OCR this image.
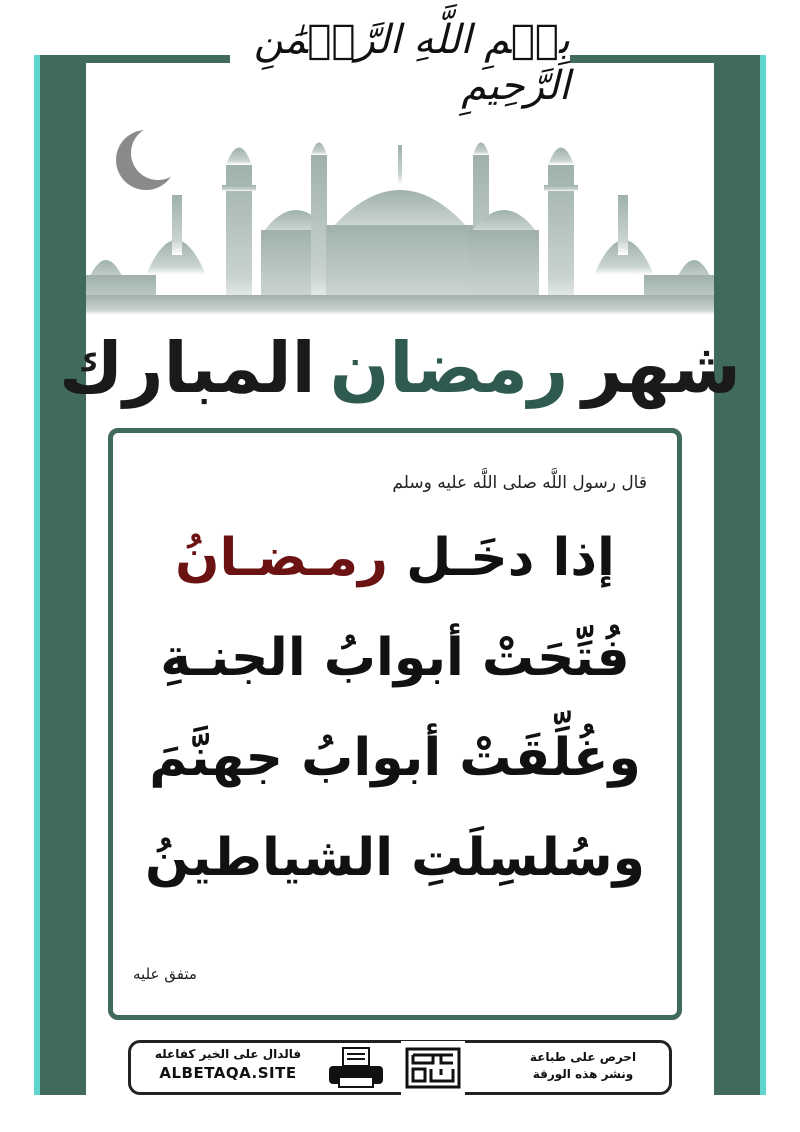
بِسۡمِ اللَّهِ الرَّحۡمَٰنِ الرَّحِيمِ
شهر
رمضان
المبارك
قال رسول اللَّه صلى اللَّه عليه وسلم
إذا دخَـل رمـضـانُ
فُتِّحَتْ أبوابُ الجنـةِ
وغُلِّقَتْ أبوابُ جهنَّمَ
وسُلسِلَتِ الشياطينُ
متفق عليه
فالدال على الخير كفاعله
ALBETAQA.SITE
احرص على طباعة
ونشر هذه الورقة
